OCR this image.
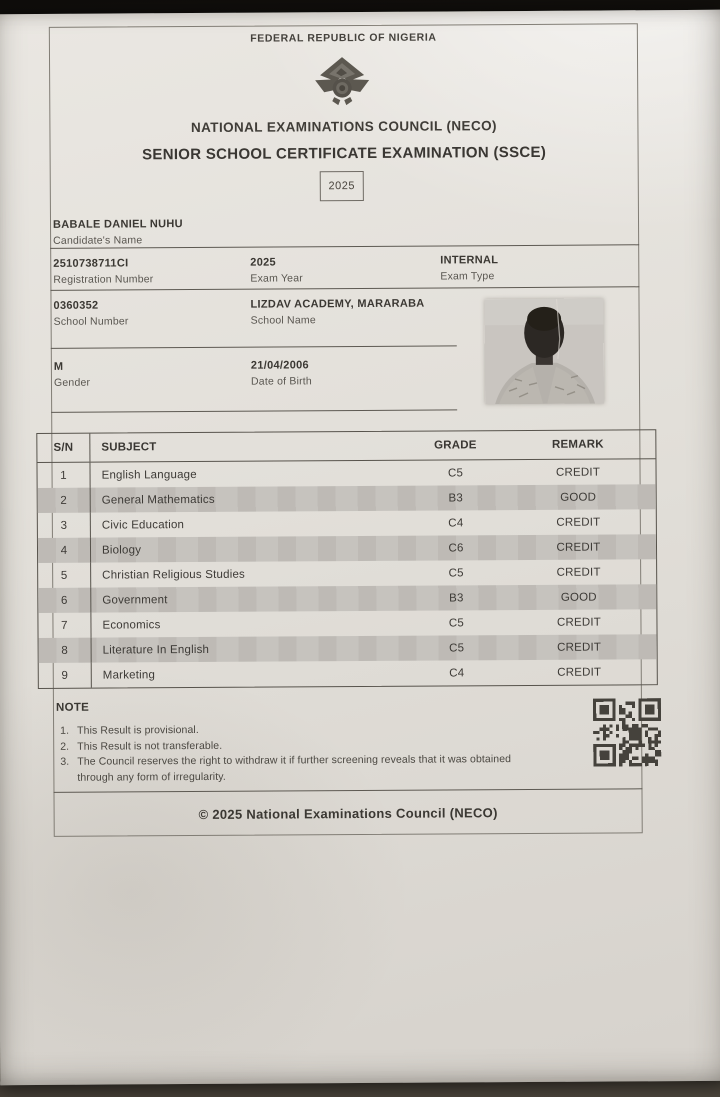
FEDERAL REPUBLIC OF NIGERIA
NATIONAL EXAMINATIONS COUNCIL (NECO)
SENIOR SCHOOL CERTIFICATE EXAMINATION (SSCE)
2025
BABALE DANIEL NUHU
Candidate's Name
2510738711CI
Registration Number
2025
Exam Year
INTERNAL
Exam Type
0360352
School Number
LIZDAV ACADEMY, MARARABA
School Name
M
Gender
21/04/2006
Date of Birth
S/N	SUBJECT	GRADE	REMARK
1	English Language	C5	CREDIT
2	General Mathematics	B3	GOOD
3	Civic Education	C4	CREDIT
4	Biology	C6	CREDIT
5	Christian Religious Studies	C5	CREDIT
6	Government	B3	GOOD
7	Economics	C5	CREDIT
8	Literature In English	C5	CREDIT
9	Marketing	C4	CREDIT
NOTE
1. This Result is provisional.
2. This Result is not transferable.
3. The Council reserves the right to withdraw it if further screening reveals that it was obtained through any form of irregularity.
© 2025 National Examinations Council (NECO)
